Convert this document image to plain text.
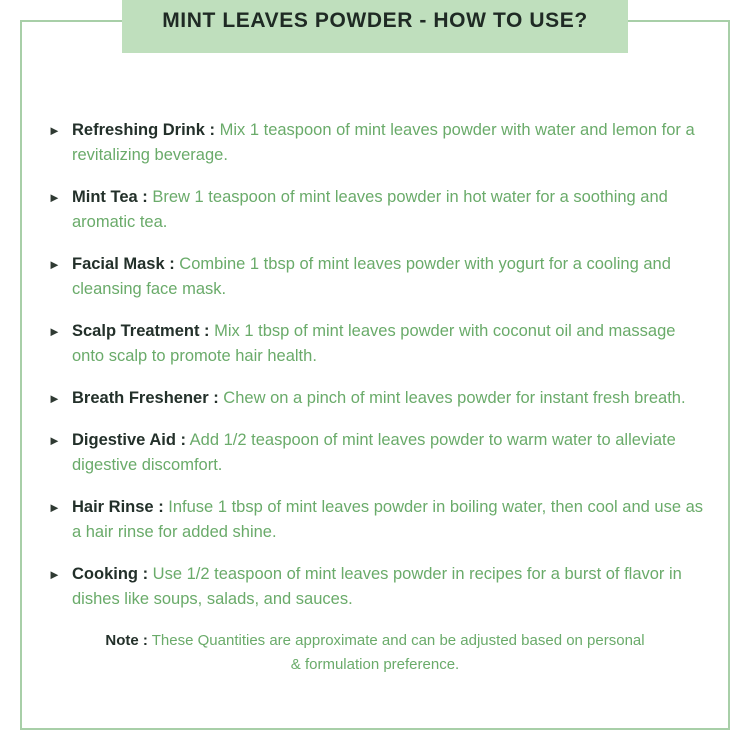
MINT LEAVES POWDER - HOW TO USE?
► Refreshing Drink : Mix 1 teaspoon of mint leaves powder with water and lemon for a revitalizing beverage.
► Mint Tea : Brew 1 teaspoon of mint leaves powder in hot water for a soothing and aromatic tea.
► Facial Mask : Combine 1 tbsp of mint leaves powder with yogurt for a cooling and cleansing face mask.
► Scalp Treatment : Mix 1 tbsp of mint leaves powder with coconut oil and massage onto scalp to promote hair health.
► Breath Freshener : Chew on a pinch of mint leaves powder for instant fresh breath.
► Digestive Aid : Add 1/2 teaspoon of mint leaves powder to warm water to alleviate digestive discomfort.
► Hair Rinse : Infuse 1 tbsp of mint leaves powder in boiling water, then cool and use as a hair rinse for added shine.
► Cooking : Use 1/2 teaspoon of mint leaves powder in recipes for a burst of flavor in dishes like soups, salads, and sauces.
Note : These Quantities are approximate and can be adjusted based on personal & formulation preference.
